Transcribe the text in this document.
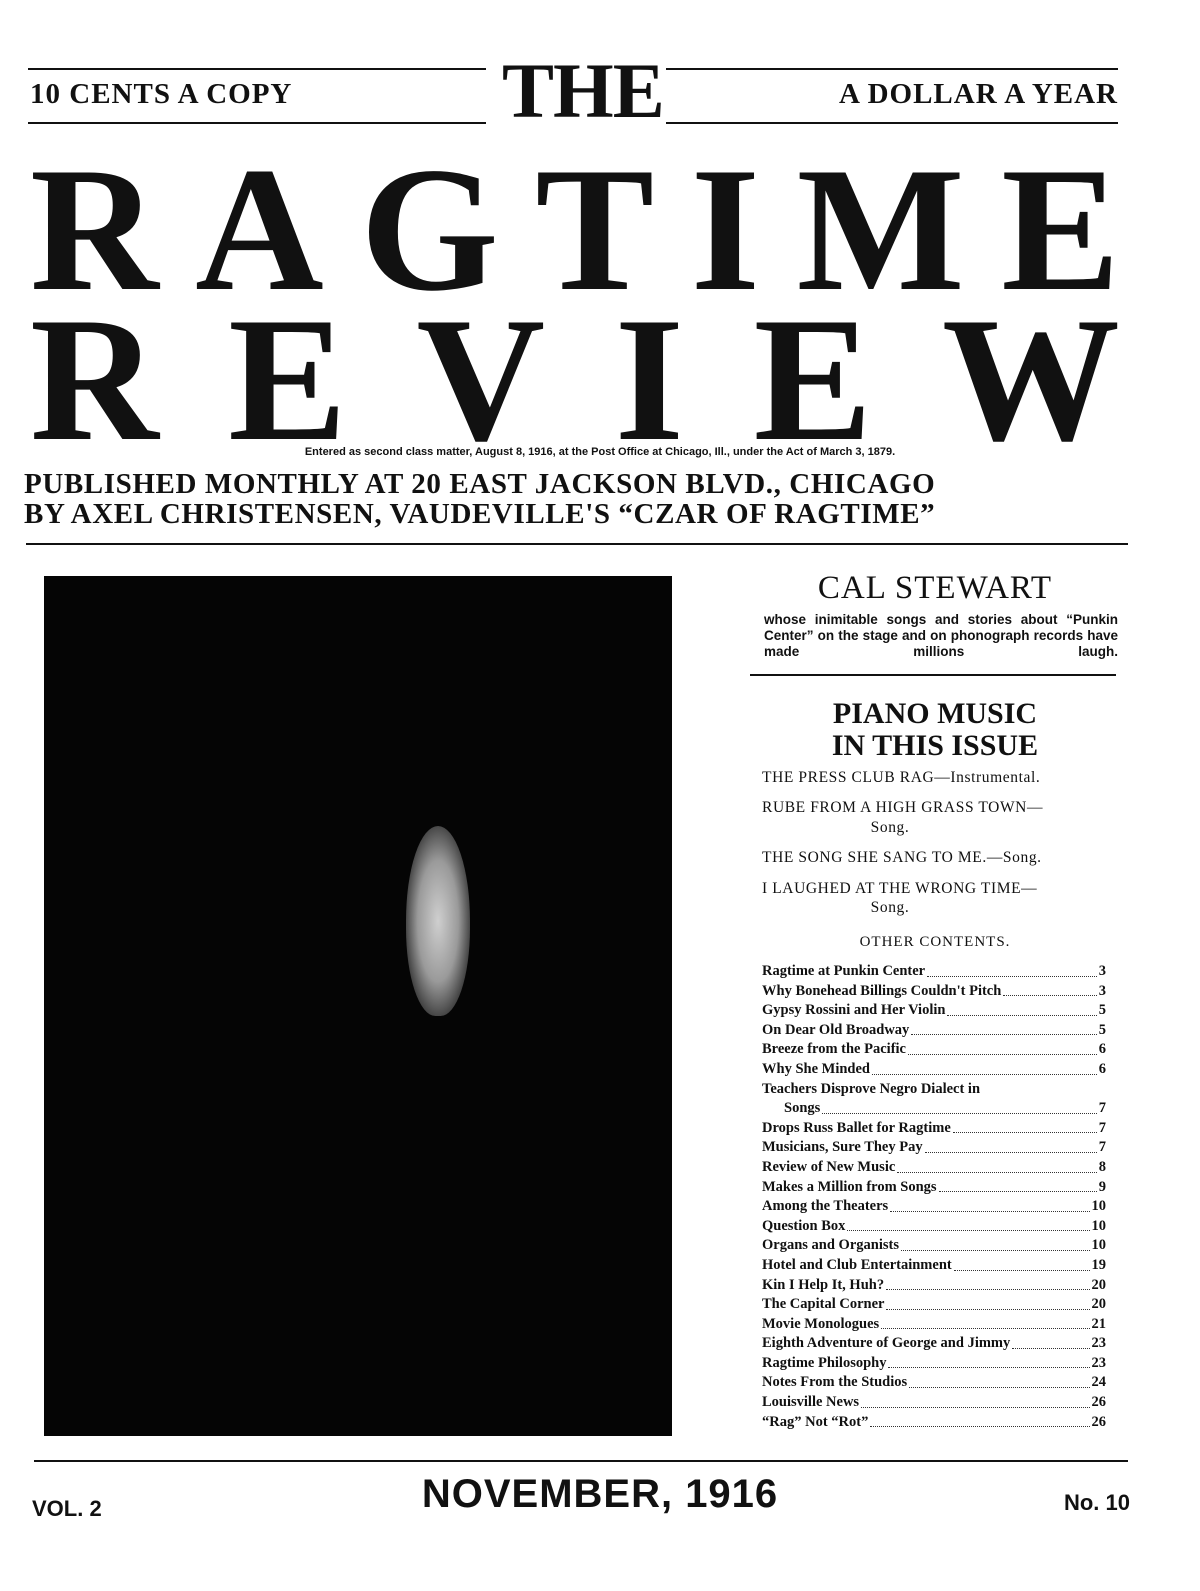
10 CENTS A COPY	THE	A DOLLAR A YEAR
R A G T I M E
R E V I E W
Entered as second class matter, August 8, 1916, at the Post Office at Chicago, Ill., under the Act of March 3, 1879.
PUBLISHED MONTHLY AT 20 EAST JACKSON BLVD., CHICAGO
BY AXEL CHRISTENSEN, VAUDEVILLE'S “CZAR OF RAGTIME”
CAL STEWART
whose inimitable songs and stories about “Punkin Center” on the stage and on phonograph records have made millions laugh.
PIANO MUSIC
IN THIS ISSUE
THE PRESS CLUB RAG—Instrumental.
RUBE FROM A HIGH GRASS TOWN—
Song.
THE SONG SHE SANG TO ME.—Song.
I LAUGHED AT THE WRONG TIME—
Song.
OTHER CONTENTS.
Ragtime at Punkin Center	3
Why Bonehead Billings Couldn't Pitch	3
Gypsy Rossini and Her Violin	5
On Dear Old Broadway	5
Breeze from the Pacific	6
Why She Minded	6
Teachers Disprove Negro Dialect in
Songs	7
Drops Russ Ballet for Ragtime	7
Musicians, Sure They Pay	7
Review of New Music	8
Makes a Million from Songs	9
Among the Theaters	10
Question Box	10
Organs and Organists	10
Hotel and Club Entertainment	19
Kin I Help It, Huh?	20
The Capital Corner	20
Movie Monologues	21
Eighth Adventure of George and Jimmy	23
Ragtime Philosophy	23
Notes From the Studios	24
Louisville News	26
“Rag” Not “Rot”	26
VOL. 2	NOVEMBER, 1916	No. 10
